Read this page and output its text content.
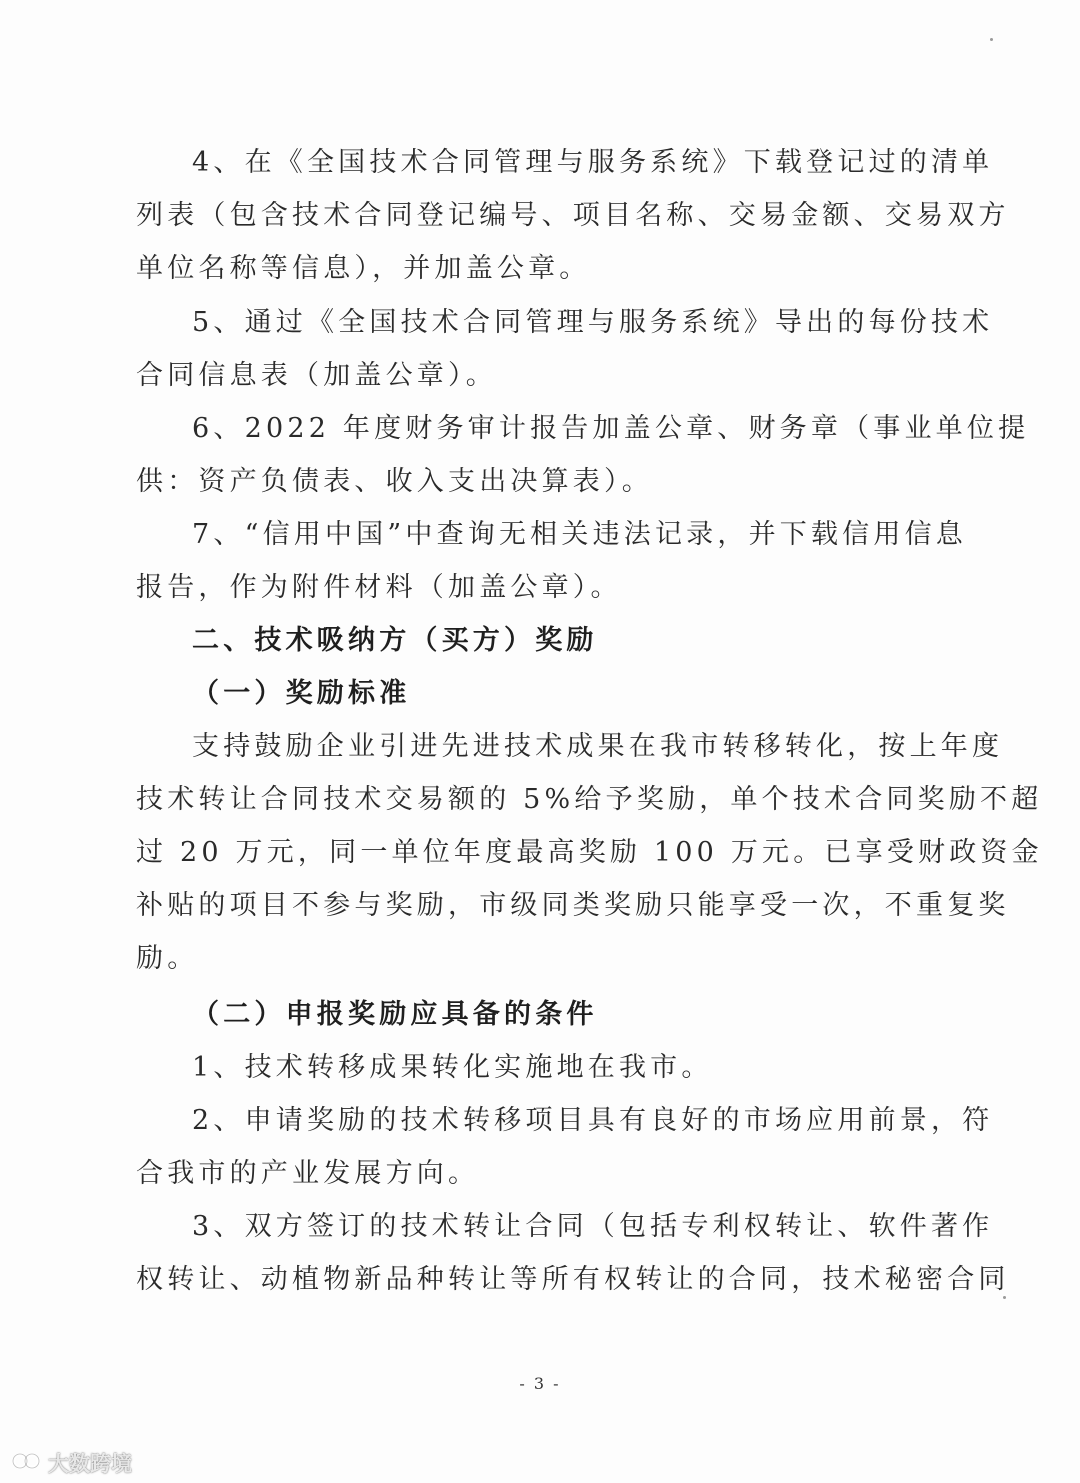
4、在《全国技术合同管理与服务系统》下载登记过的清单
列表（包含技术合同登记编号、项目名称、交易金额、交易双方
单位名称等信息），并加盖公章。
5、通过《全国技术合同管理与服务系统》导出的每份技术
合同信息表（加盖公章）。
6、2022 年度财务审计报告加盖公章、财务章（事业单位提
供：资产负债表、收入支出决算表）。
7、“信用中国”中查询无相关违法记录，并下载信用信息
报告，作为附件材料（加盖公章）。
二、技术吸纳方（买方）奖励
（一）奖励标准
支持鼓励企业引进先进技术成果在我市转移转化，按上年度
技术转让合同技术交易额的 5%给予奖励，单个技术合同奖励不超
过 20 万元，同一单位年度最高奖励 100 万元。已享受财政资金
补贴的项目不参与奖励，市级同类奖励只能享受一次，不重复奖
励。
（二）申报奖励应具备的条件
1、技术转移成果转化实施地在我市。
2、申请奖励的技术转移项目具有良好的市场应用前景，符
合我市的产业发展方向。
3、双方签订的技术转让合同（包括专利权转让、软件著作
权转让、动植物新品种转让等所有权转让的合同，技术秘密合同
- 3 -
大数跨境
